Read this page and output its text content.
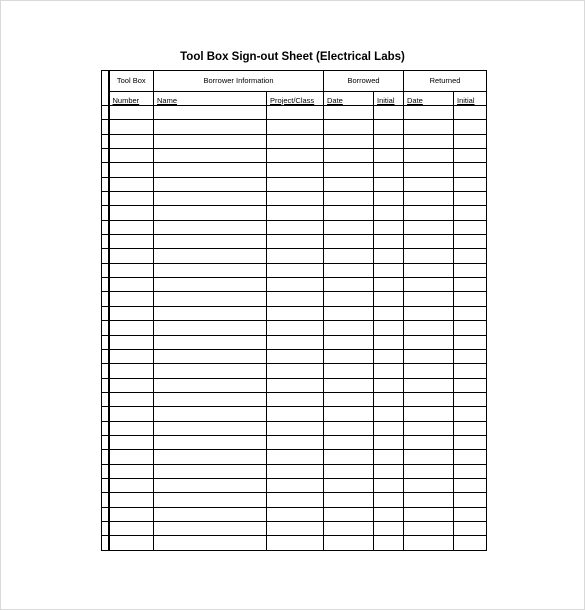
Tool Box Sign-out Sheet (Electrical Labs)
	Tool Box	Borrower Information		Borrowed		Returned	
	Number	Name	Project/Class	Date	Initial	Date	Initial
